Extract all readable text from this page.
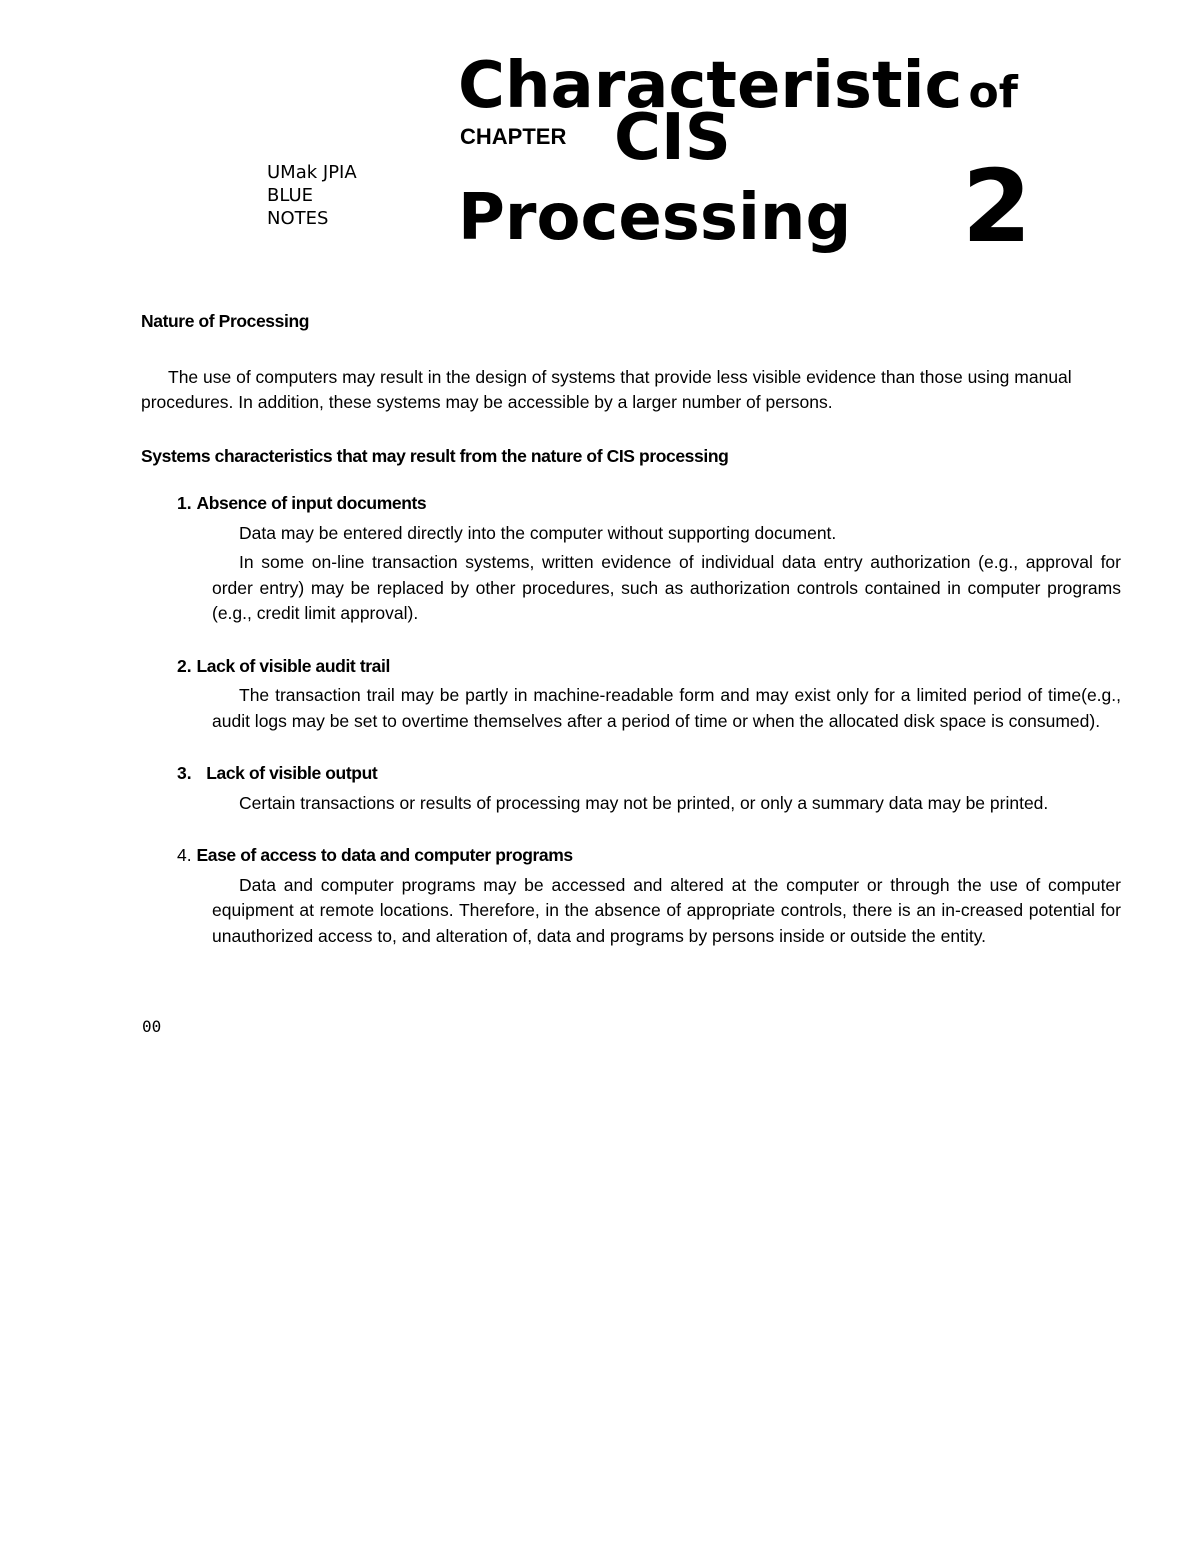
UMak JPIA
BLUE
NOTES
Characteristic of
CHAPTER CIS
Processing 2
Nature of Processing

The use of computers may result in the design of systems that provide less visible evidence than those using manual procedures. In addition, these systems may be accessible by a larger number of persons.

Systems characteristics that may result from the nature of CIS processing
1. Absence of input documents

Data may be entered directly into the computer without supporting document.

In some on-line transaction systems, written evidence of individual data entry authorization (e.g., approval for order entry) may be replaced by other procedures, such as authorization controls contained in computer programs (e.g., credit limit approval).

2. Lack of visible audit trail

The transaction trail may be partly in machine-readable form and may exist only for a limited period of time(e.g., audit logs may be set to overtime themselves after a period of time or when the allocated disk space is consumed).

3. Lack of visible output

Certain transactions or results of processing may not be printed, or only a summary data may be printed.

4. Ease of access to data and computer programs

Data and computer programs may be accessed and altered at the computer or through the use of computer equipment at remote locations. Therefore, in the absence of appropriate controls, there is an in-creased potential for unauthorized access to, and alteration of, data and programs by persons inside or outside the entity.

00
